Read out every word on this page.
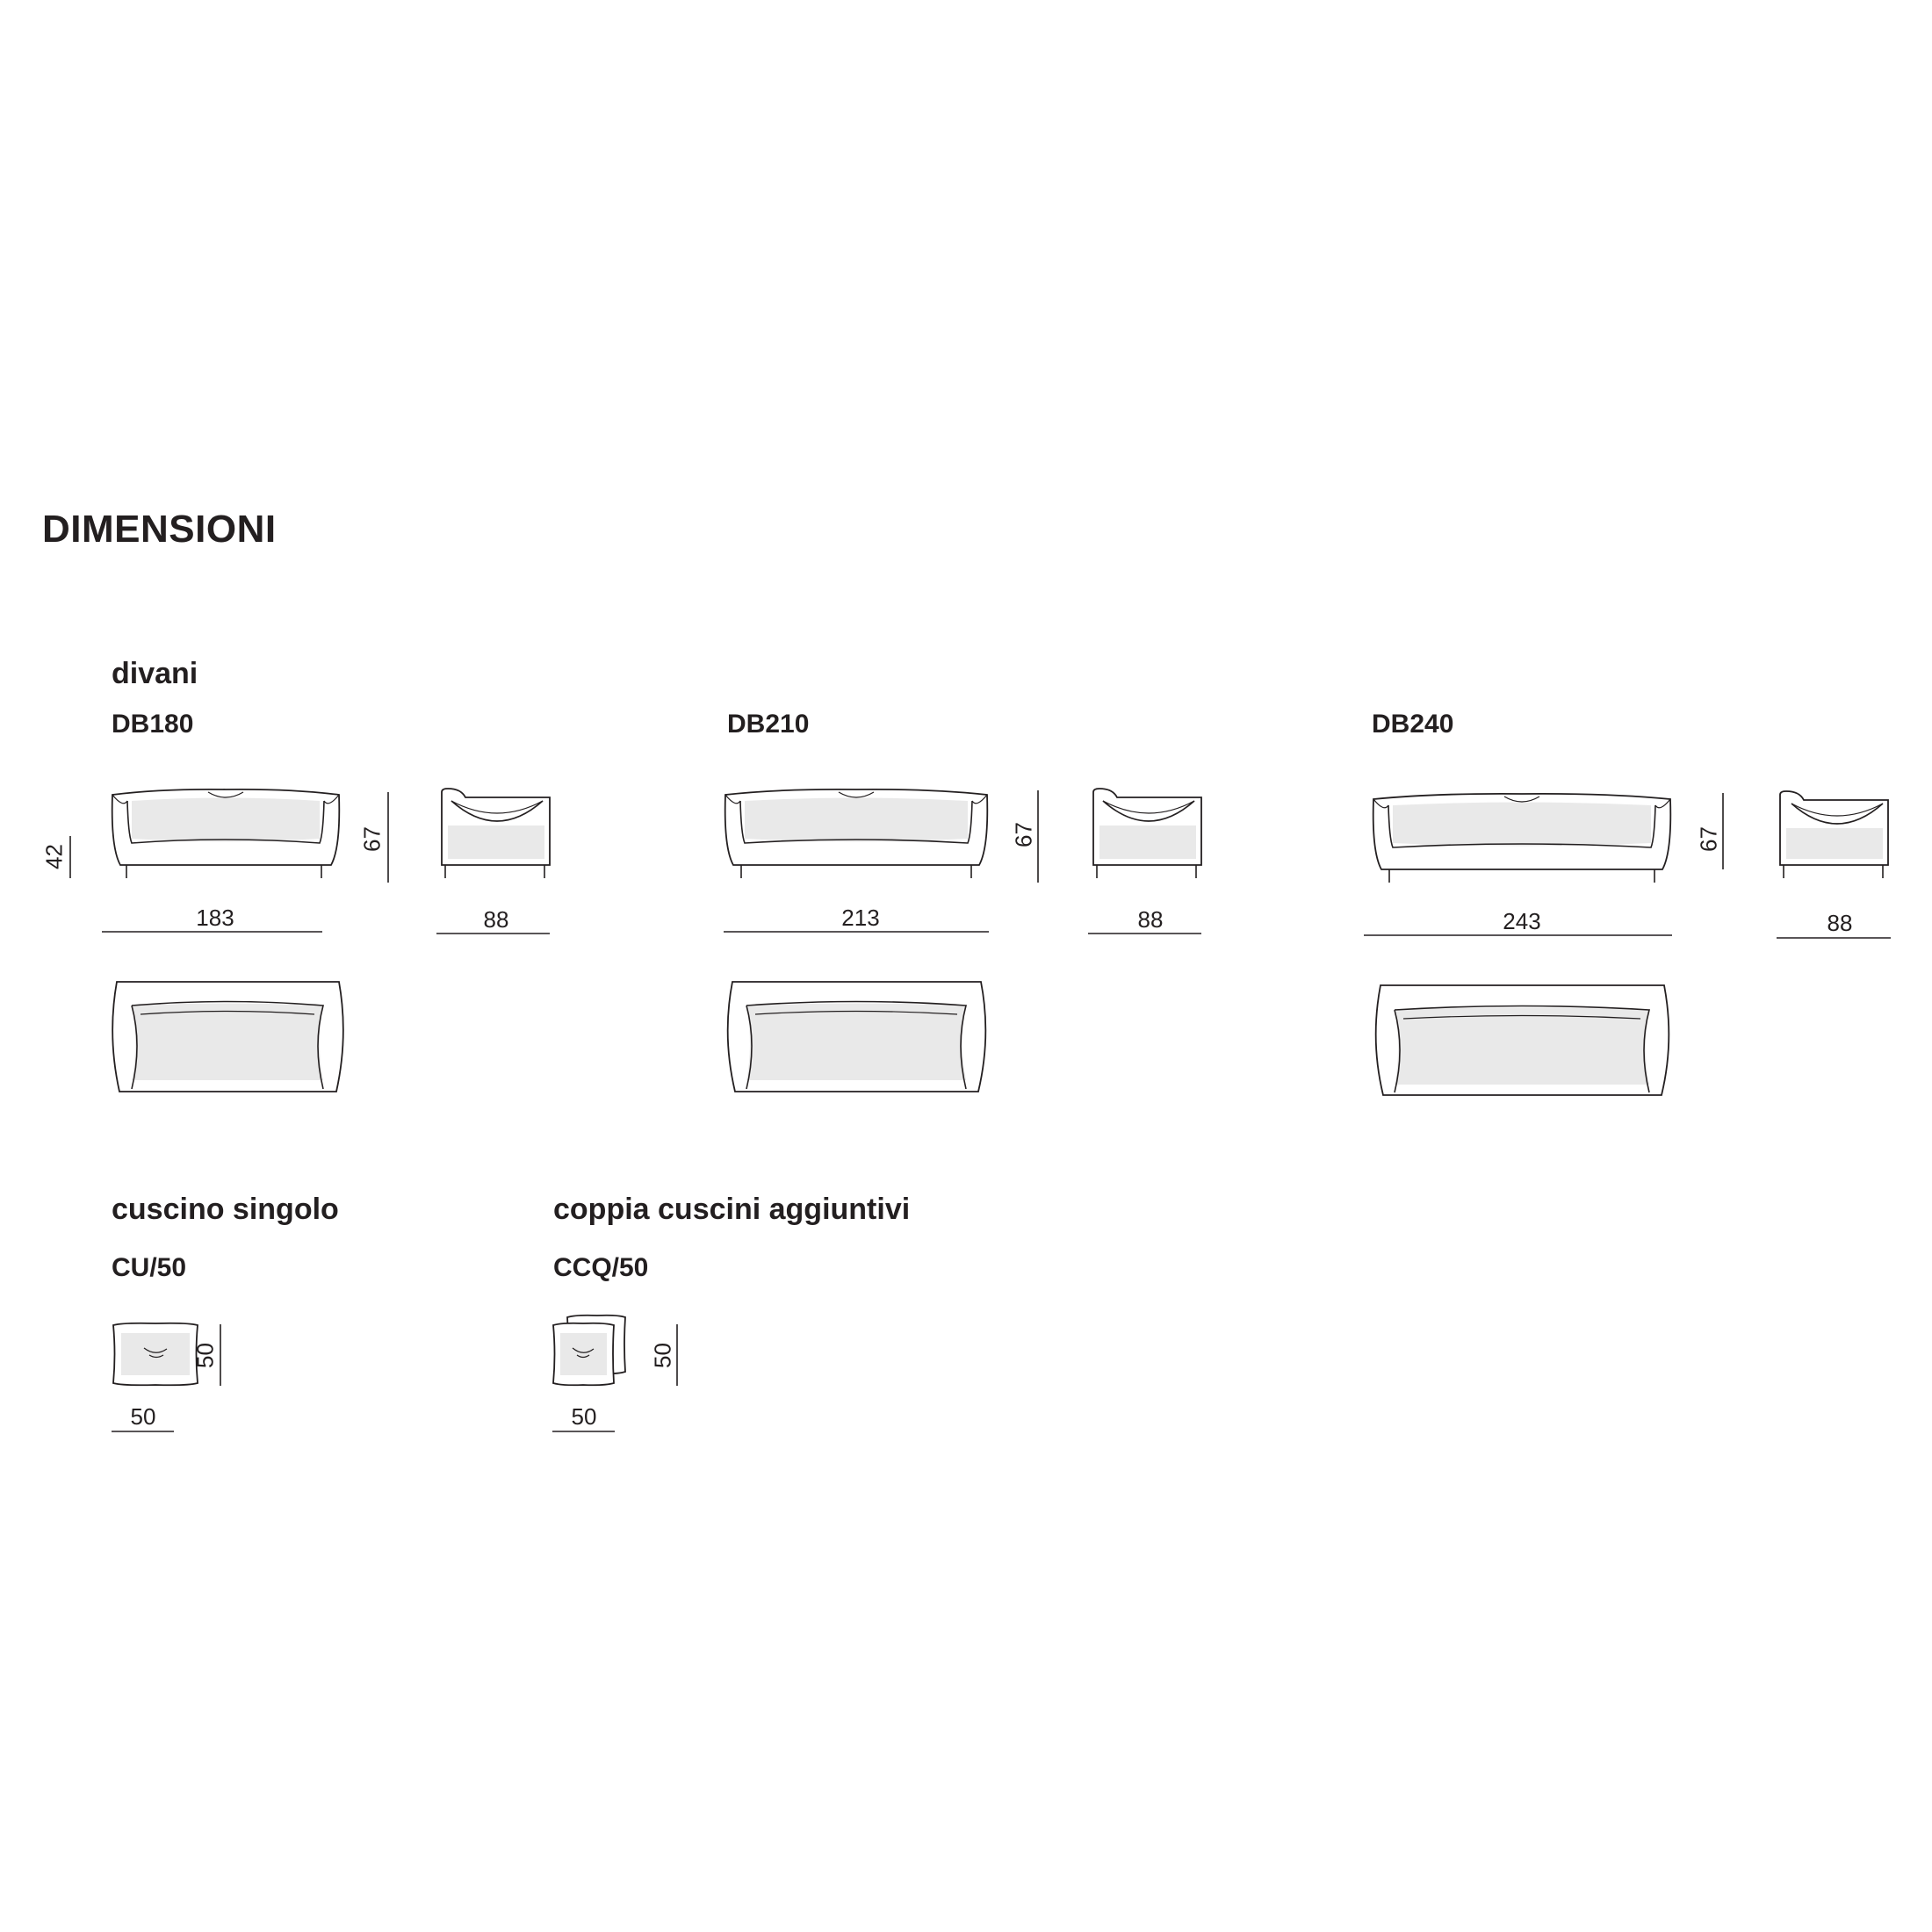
DIMENSIONI
divani
DB180	DB210	DB240
42
67
183	88
67
213	88
67
243	88
cuscino singolo
CU/50
50
50
coppia cuscini aggiuntivi
CCQ/50
50
50
